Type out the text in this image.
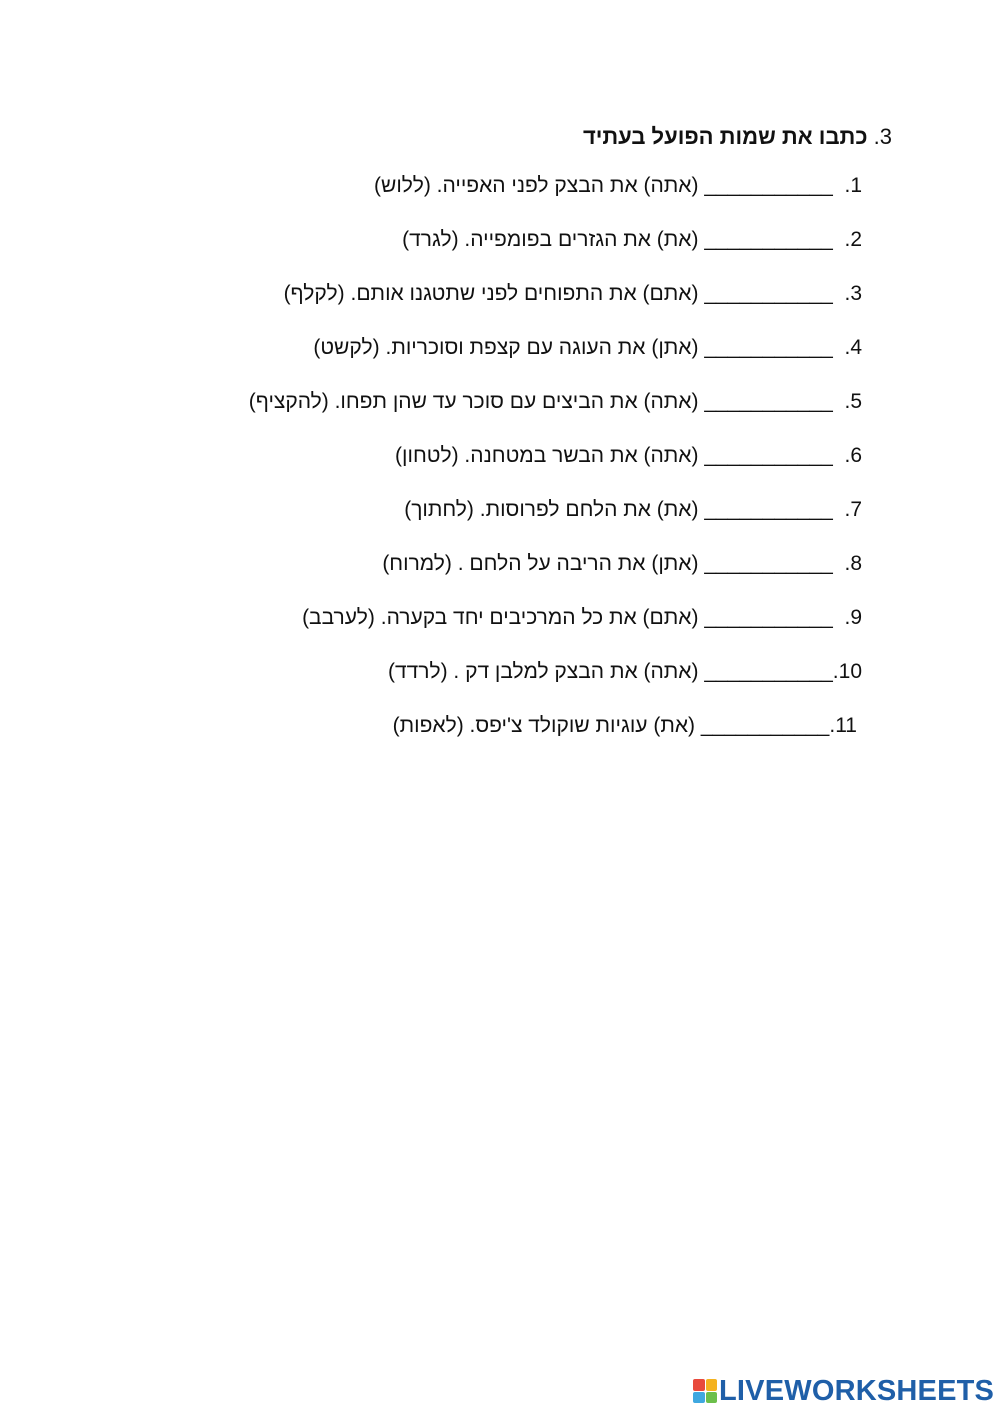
3. כתבו את שמות הפועל בעתיד
1.  ___________ (אתה) את הבצק לפני האפייה. (ללוש)
2.  ___________ (את) את הגזרים בפומפייה. (לגרד)
3.  ___________ (אתם) את התפוחים לפני שתטגנו אותם. (לקלף)
4.  ___________ (אתן) את העוגה עם קצפת וסוכריות. (לקשט)
5.  ___________ (אתה) את הביצים עם סוכר עד שהן תפחו. (להקציף)
6.  ___________ (אתה) את הבשר במטחנה. (לטחון)
7.  ___________ (את) את הלחם לפרוסות. (לחתוך)
8.  ___________ (אתן) את הריבה על הלחם . (למרוח)
9.  ___________ (אתם) את כל המרכיבים יחד בקערה. (לערבב)
10.___________ (אתה) את הבצק למלבן דק . (לרדד)
11.___________ (את) עוגיות שוקולד צ'יפס. (לאפות)
LIVEWORKSHEETS
